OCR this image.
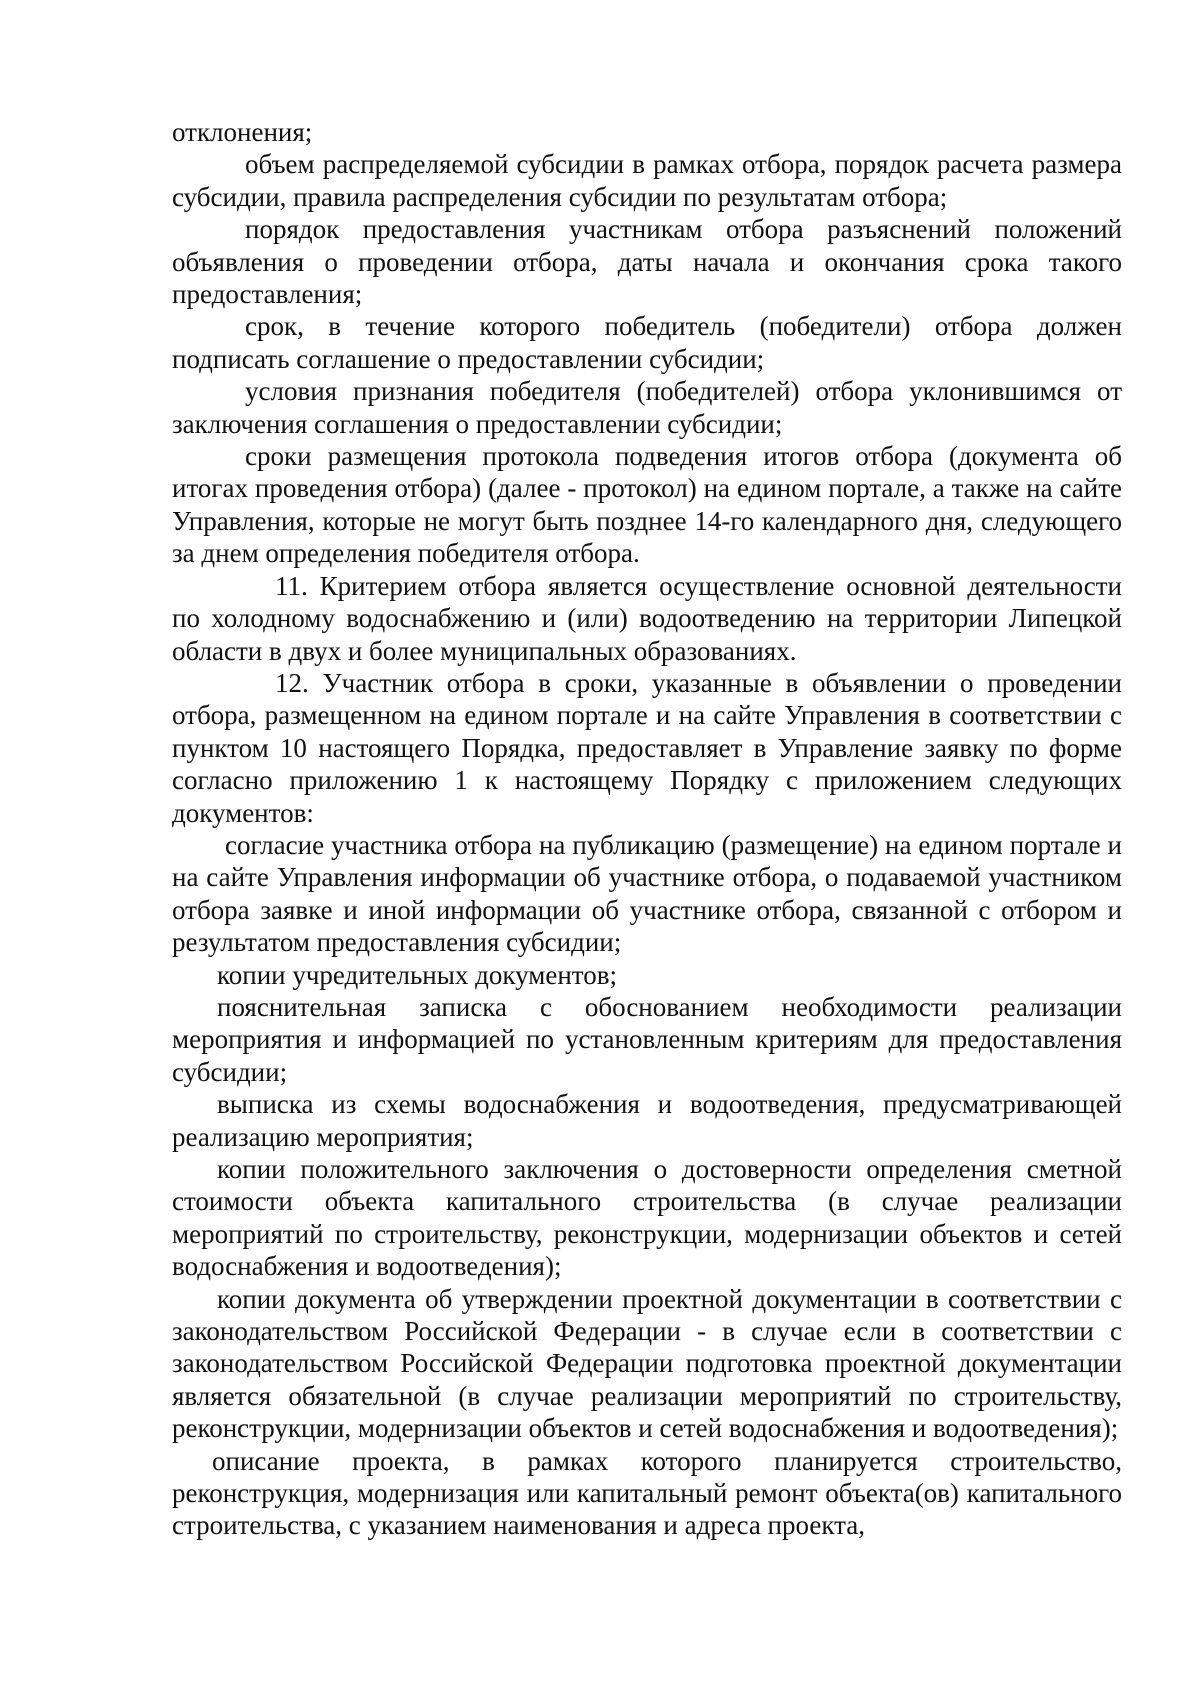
отклонения;

объем распределяемой субсидии в рамках отбора, порядок расчета размера субсидии, правила распределения субсидии по результатам отбора;

порядок предоставления участникам отбора разъяснений положений объявления о проведении отбора, даты начала и окончания срока такого предоставления;

срок, в течение которого победитель (победители) отбора должен подписать соглашение о предоставлении субсидии;

условия признания победителя (победителей) отбора уклонившимся от заключения соглашения о предоставлении субсидии;

сроки размещения протокола подведения итогов отбора (документа об итогах проведения отбора) (далее - протокол) на едином портале, а также на сайте Управления, которые не могут быть позднее 14-го календарного дня, следующего за днем определения победителя отбора.

11. Критерием отбора является осуществление основной деятельности по холодному водоснабжению и (или) водоотведению на территории Липецкой области в двух и более муниципальных образованиях.

12. Участник отбора в сроки, указанные в объявлении о проведении отбора, размещенном на едином портале и на сайте Управления в соответствии с пунктом 10 настоящего Порядка, предоставляет в Управление заявку по форме согласно приложению 1 к настоящему Порядку с приложением следующих документов:

согласие участника отбора на публикацию (размещение) на едином портале и на сайте Управления информации об участнике отбора, о подаваемой участником отбора заявке и иной информации об участнике отбора, связанной с отбором и результатом предоставления субсидии;

копии учредительных документов;

пояснительная записка с обоснованием необходимости реализации мероприятия и информацией по установленным критериям для предоставления субсидии;

выписка из схемы водоснабжения и водоотведения, предусматривающей реализацию мероприятия;

копии положительного заключения о достоверности определения сметной стоимости объекта капитального строительства (в случае реализации мероприятий по строительству, реконструкции, модернизации объектов и сетей водоснабжения и водоотведения);

копии документа об утверждении проектной документации в соответствии с законодательством Российской Федерации - в случае если в соответствии с законодательством Российской Федерации подготовка проектной документации является обязательной (в случае реализации мероприятий по строительству, реконструкции, модернизации объектов и сетей водоснабжения и водоотведения);

описание проекта, в рамках которого планируется строительство, реконструкция, модернизация или капитальный ремонт объекта(ов) капитального строительства, с указанием наименования и адреса проекта,
